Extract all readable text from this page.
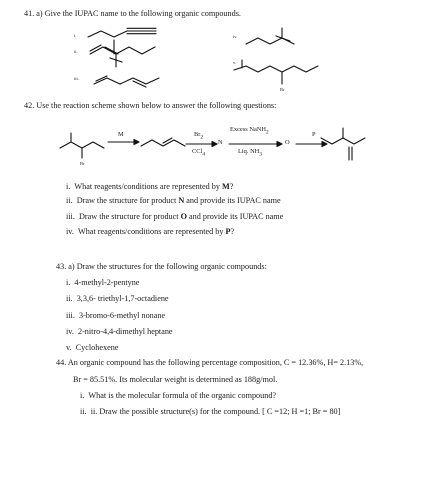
41. a) Give the IUPAC name to the following organic compounds.
i.
ii.
iii.
iv.
v.
Br
42. Use the reaction scheme shown below to answer the following questions:
M	$Br_2$
CCl$_4$
N
Excess NaNH$_2$
Liq. $NH_3$
O
P
Br
i. What reagents/conditions are represented by M?
ii. Draw the structure for product N and provide its IUPAC name
iii. Draw the structure for product O and provide its IUPAC name
iv. What reagents/conditions are represented by P?
43. a) Draw the structures for the following organic compounds:
i. 4-methyl-2-pentyne
ii. 3,3,6- triethyl-1,7-octadiene
iii. 3-bromo-6-methyl nonane
iv. 2-nitro-4,4-dimethyl heptane
v. Cyclohexene
44. An organic compound has the following percentage composition, C = 12.36%, H= 2.13%,
Br = 85.51%. Its molecular weight is determined as 188g/mol.
i. What is the molecular formula of the organic compound?
ii. ii. Draw the possible structure(s) for the compound. [ C =12; H =1; Br = 80]
